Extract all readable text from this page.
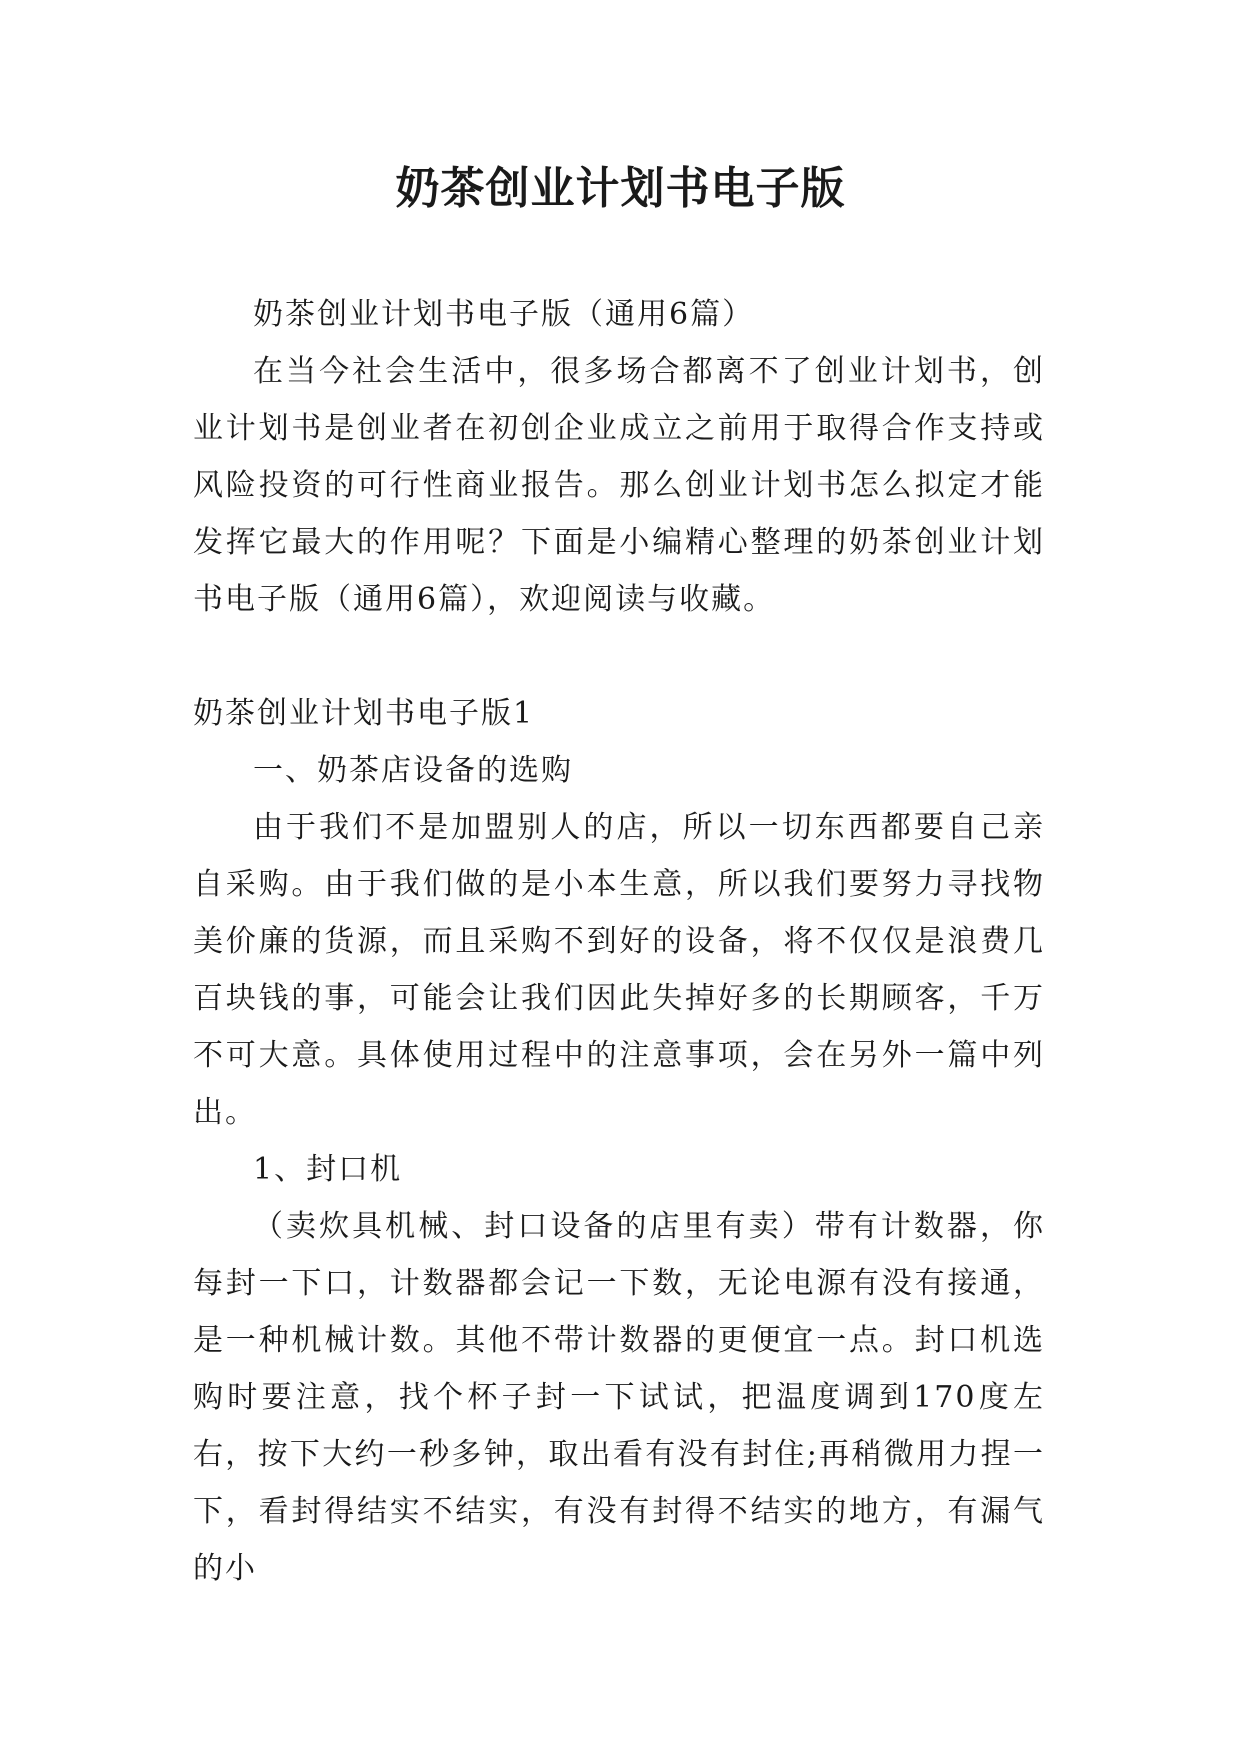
奶茶创业计划书电子版

奶茶创业计划书电子版（通用6篇）

在当今社会生活中，很多场合都离不了创业计划书，创业计划书是创业者在初创企业成立之前用于取得合作支持或风险投资的可行性商业报告。那么创业计划书怎么拟定才能发挥它最大的作用呢？下面是小编精心整理的奶茶创业计划书电子版（通用6篇），欢迎阅读与收藏。

奶茶创业计划书电子版1

一、奶茶店设备的选购

由于我们不是加盟别人的店，所以一切东西都要自己亲自采购。由于我们做的是小本生意，所以我们要努力寻找物美价廉的货源，而且采购不到好的设备，将不仅仅是浪费几百块钱的事，可能会让我们因此失掉好多的长期顾客，千万不可大意。具体使用过程中的注意事项，会在另外一篇中列出。

1、封口机

（卖炊具机械、封口设备的店里有卖）带有计数器，你每封一下口，计数器都会记一下数，无论电源有没有接通，是一种机械计数。其他不带计数器的更便宜一点。封口机选购时要注意，找个杯子封一下试试，把温度调到170度左右，按下大约一秒多钟，取出看有没有封住;再稍微用力捏一下，看封得结实不结实，有没有封得不结实的地方，有漏气的小
